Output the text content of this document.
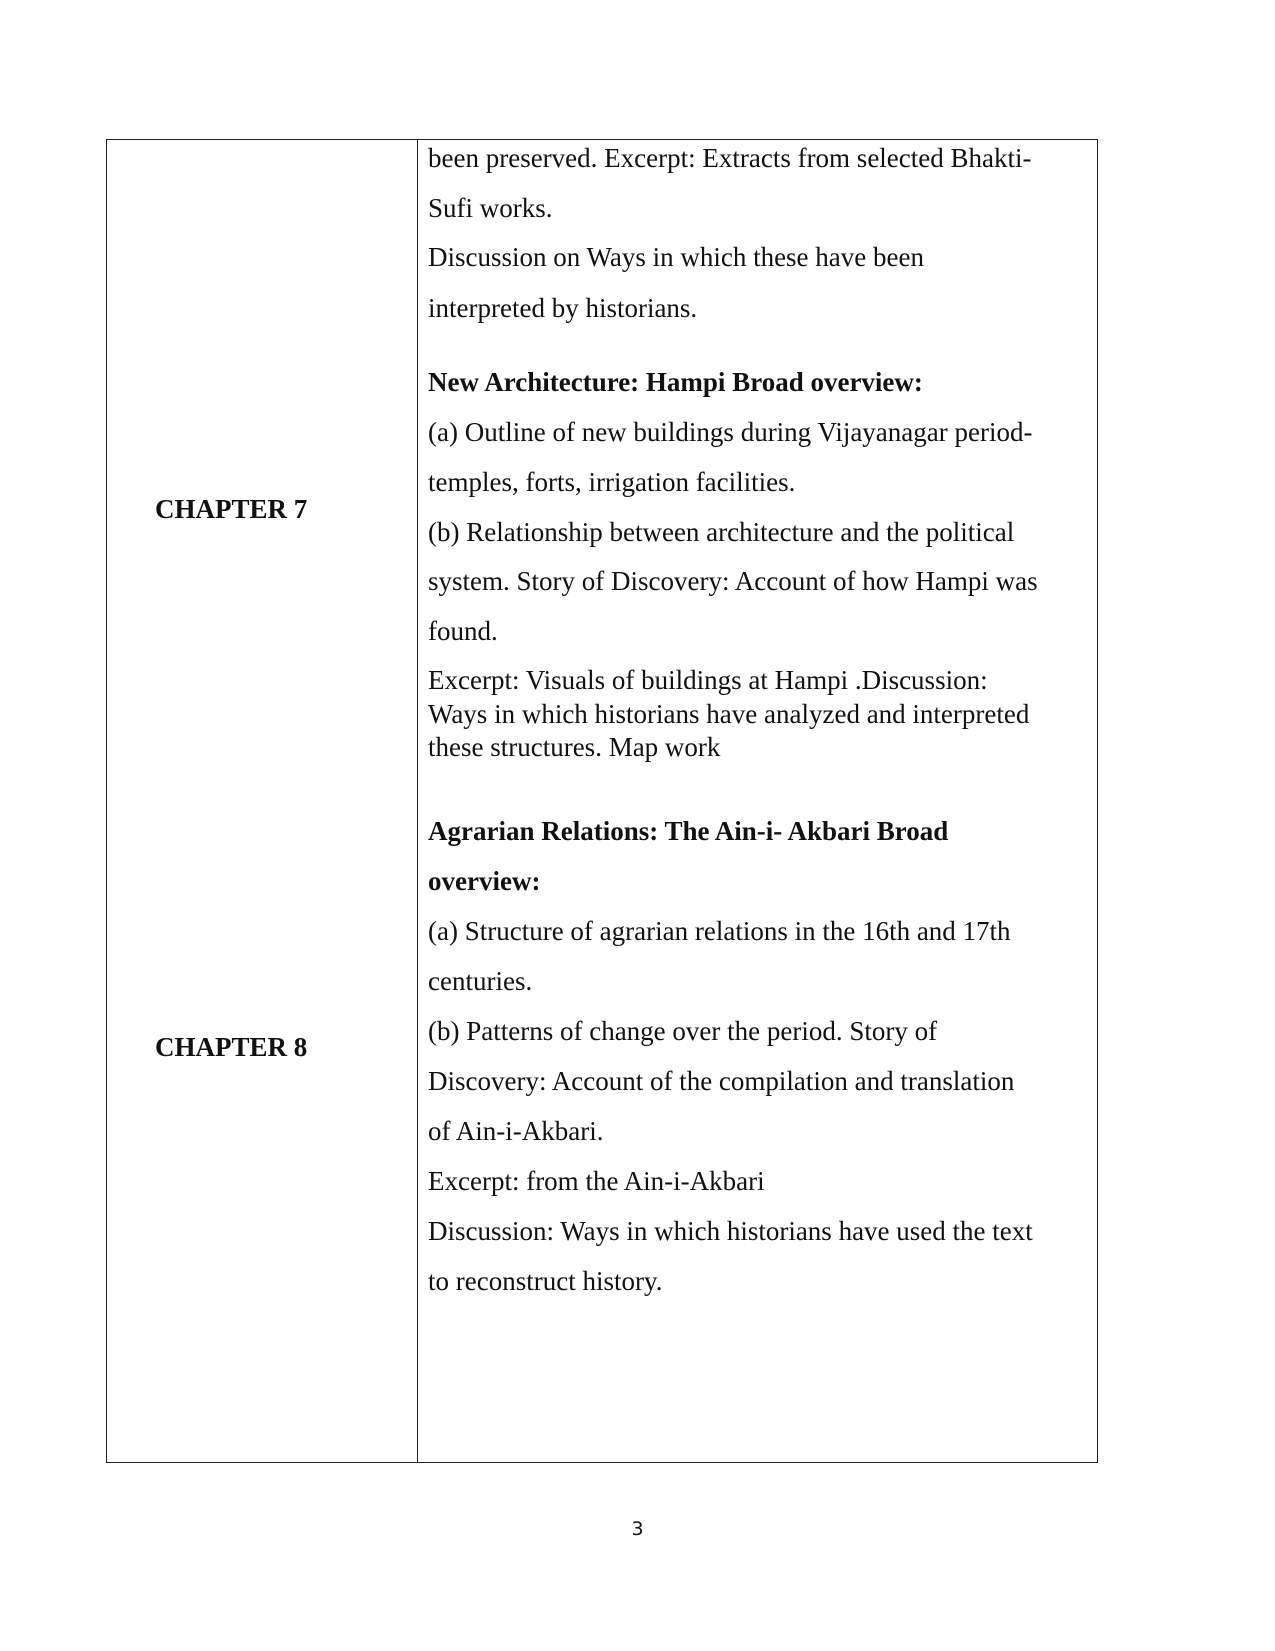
CHAPTER 7
CHAPTER 8
been preserved. Excerpt: Extracts from selected Bhakti-
Sufi works.
Discussion on Ways in which these have been
interpreted by historians.
New Architecture: Hampi Broad overview:
(a) Outline of new buildings during Vijayanagar period-
temples, forts, irrigation facilities.
(b) Relationship between architecture and the political
system. Story of Discovery: Account of how Hampi was
found.
Excerpt: Visuals of buildings at Hampi .Discussion:
Ways in which historians have analyzed and interpreted
these structures. Map work
Agrarian Relations: The Ain-i- Akbari Broad
overview:
(a) Structure of agrarian relations in the 16th and 17th
centuries.
(b) Patterns of change over the period. Story of
Discovery: Account of the compilation and translation
of Ain-i-Akbari.
Excerpt: from the Ain-i-Akbari
Discussion: Ways in which historians have used the text
to reconstruct history.
3
